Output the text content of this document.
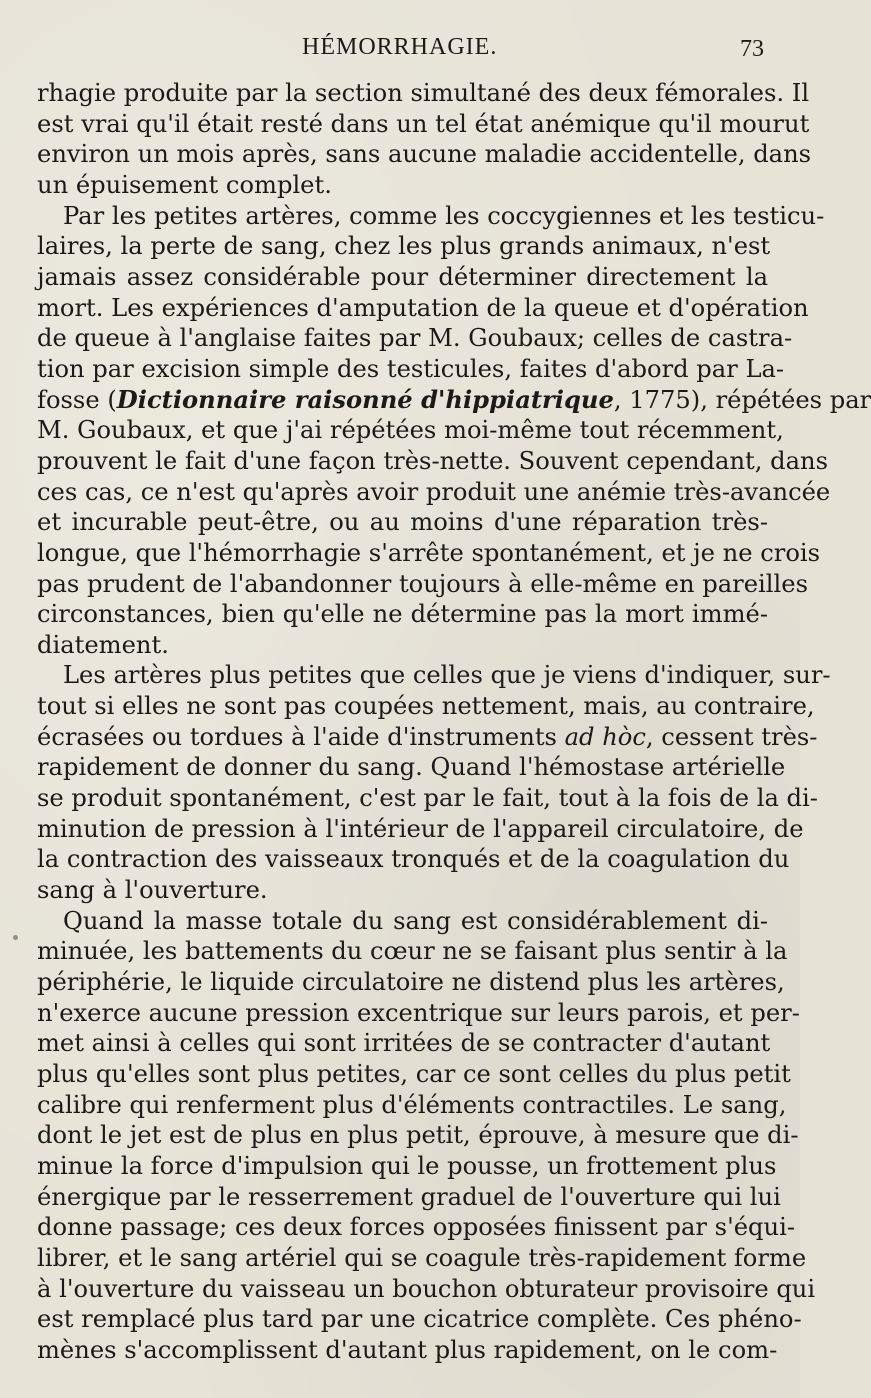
HÉMORRHAGIE.	73
rhagie produite par la section simultané des deux fémorales. Il
est vrai qu'il était resté dans un tel état anémique qu'il mourut
environ un mois après, sans aucune maladie accidentelle, dans
un épuisement complet.
Par les petites artères, comme les coccygiennes et les testicu-
laires, la perte de sang, chez les plus grands animaux, n'est
jamais assez considérable pour déterminer directement la
mort. Les expériences d'amputation de la queue et d'opération
de queue à l'anglaise faites par M. Goubaux; celles de castra-
tion par excision simple des testicules, faites d'abord par La-
fosse (Dictionnaire raisonné d'hippiatrique, 1775), répétées par
M. Goubaux, et que j'ai répétées moi-même tout récemment,
prouvent le fait d'une façon très-nette. Souvent cependant, dans
ces cas, ce n'est qu'après avoir produit une anémie très-avancée
et incurable peut-être, ou au moins d'une réparation très-
longue, que l'hémorrhagie s'arrête spontanément, et je ne crois
pas prudent de l'abandonner toujours à elle-même en pareilles
circonstances, bien qu'elle ne détermine pas la mort immé-
diatement.
Les artères plus petites que celles que je viens d'indiquer, sur-
tout si elles ne sont pas coupées nettement, mais, au contraire,
écrasées ou tordues à l'aide d'instruments ad hòc, cessent très-
rapidement de donner du sang. Quand l'hémostase artérielle
se produit spontanément, c'est par le fait, tout à la fois de la di-
minution de pression à l'intérieur de l'appareil circulatoire, de
la contraction des vaisseaux tronqués et de la coagulation du
sang à l'ouverture.
Quand la masse totale du sang est considérablement di-
minuée, les battements du cœur ne se faisant plus sentir à la
périphérie, le liquide circulatoire ne distend plus les artères,
n'exerce aucune pression excentrique sur leurs parois, et per-
met ainsi à celles qui sont irritées de se contracter d'autant
plus qu'elles sont plus petites, car ce sont celles du plus petit
calibre qui renferment plus d'éléments contractiles. Le sang,
dont le jet est de plus en plus petit, éprouve, à mesure que di-
minue la force d'impulsion qui le pousse, un frottement plus
énergique par le resserrement graduel de l'ouverture qui lui
donne passage; ces deux forces opposées finissent par s'équi-
librer, et le sang artériel qui se coagule très-rapidement forme
à l'ouverture du vaisseau un bouchon obturateur provisoire qui
est remplacé plus tard par une cicatrice complète. Ces phéno-
mènes s'accomplissent d'autant plus rapidement, on le com-
